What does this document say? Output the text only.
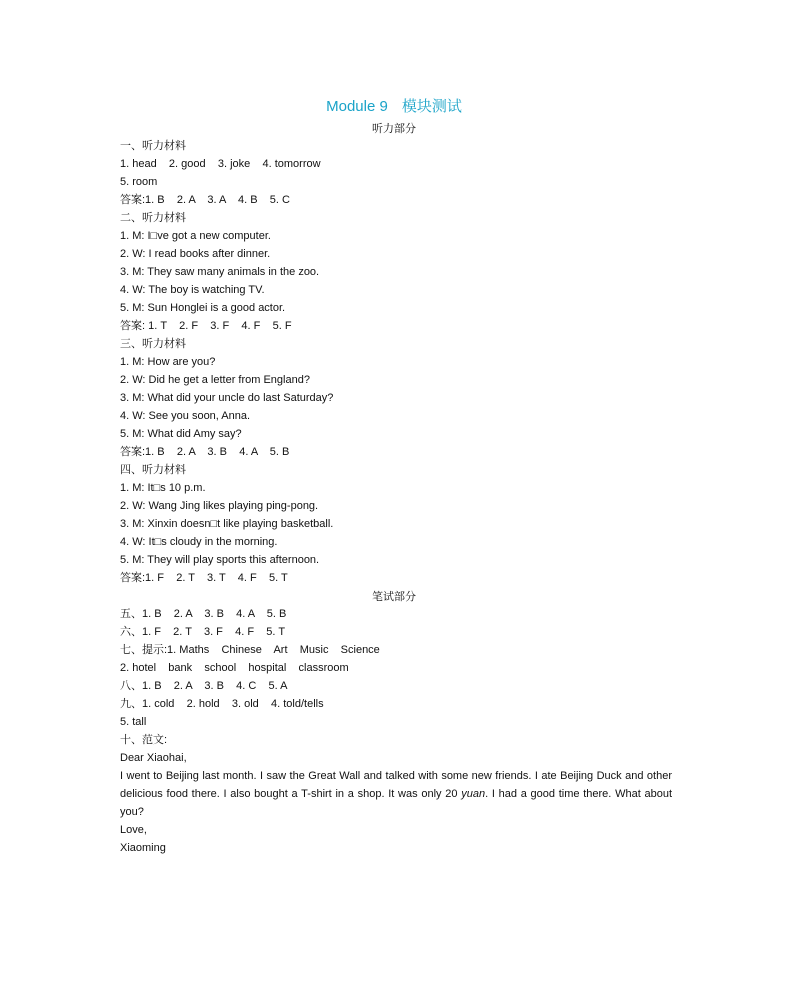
Module 9 模块测试
听力部分
一、听力材料
1. head    2. good    3. joke    4. tomorrow
5. room
答案:1. B    2. A    3. A    4. B    5. C
二、听力材料
1. M: I□ve got a new computer.
2. W: I read books after dinner.
3. M: They saw many animals in the zoo.
4. W: The boy is watching TV.
5. M: Sun Honglei is a good actor.
答案: 1. T    2. F    3. F    4. F    5. F
三、听力材料
1. M: How are you?
2. W: Did he get a letter from England?
3. M: What did your uncle do last Saturday?
4. W: See you soon, Anna.
5. M: What did Amy say?
答案:1. B    2. A    3. B    4. A    5. B
四、听力材料
1. M: It□s 10 p.m.
2. W: Wang Jing likes playing ping-pong.
3. M: Xinxin doesn□t like playing basketball.
4. W: It□s cloudy in the morning.
5. M: They will play sports this afternoon.
答案:1. F    2. T    3. T    4. F    5. T
笔试部分
五、1. B    2. A    3. B    4. A    5. B
六、1. F    2. T    3. F    4. F    5. T
七、提示:1. Maths    Chinese    Art    Music    Science
2. hotel    bank    school    hospital    classroom
八、1. B    2. A    3. B    4. C    5. A
九、1. cold    2. hold    3. old    4. told/tells
5. tall
十、范文:
Dear Xiaohai,
I went to Beijing last month. I saw the Great Wall and talked with some new friends. I ate Beijing Duck and other delicious food there. I also bought a T-shirt in a shop. It was only 20 yuan. I had a good time there. What about you?
Love,
Xiaoming
